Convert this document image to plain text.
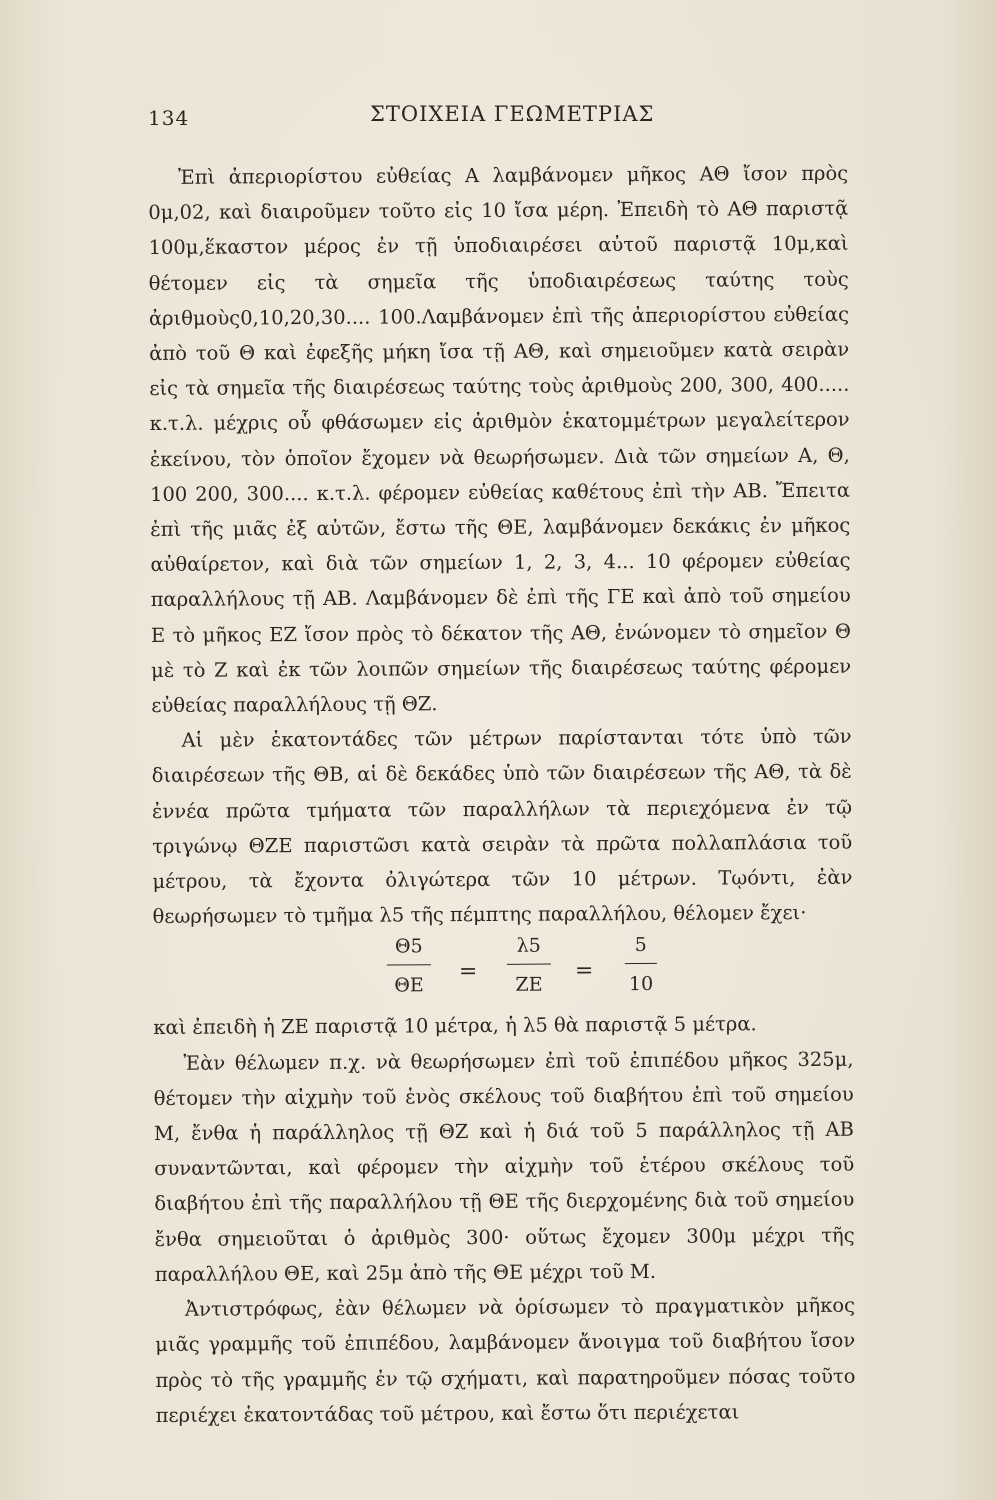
134	ΣΤΟΙΧΕΙΑ ΓΕΩΜΕΤΡΙΑΣ

Ἐπὶ ἀπεριορίστου εὐθείας Α λαμβάνομεν μῆκος ΑΘ ἴσον πρὸς 0μ,02, καὶ διαιροῦμεν τοῦτο εἰς 10 ἴσα μέρη. Ἐπειδὴ τὸ ΑΘ παριστᾷ 100μ,ἕκαστον μέρος ἐν τῇ ὑποδιαιρέσει αὐτοῦ παριστᾷ 10μ,καὶ θέτομεν εἰς τὰ σημεῖα τῆς ὑποδιαιρέσεως ταύτης τοὺς ἀριθμοὺς0,10,20,30.... 100.Λαμβάνομεν ἐπὶ τῆς ἀπεριορίστου εὐθείας ἀπὸ τοῦ Θ καὶ ἐφεξῆς μήκη ἴσα τῇ ΑΘ, καὶ σημειοῦμεν κατὰ σειρὰν εἰς τὰ σημεῖα τῆς διαιρέσεως ταύτης τοὺς ἀριθμοὺς 200, 300, 400..... κ.τ.λ. μέχρις οὗ φθάσωμεν εἰς ἀριθμὸν ἑκατομμέτρων μεγαλείτερον ἐκείνου, τὸν ὁποῖον ἔχομεν νὰ θεωρήσωμεν. Διὰ τῶν σημείων Α, Θ, 100 200, 300.... κ.τ.λ. φέρομεν εὐθείας καθέτους ἐπὶ τὴν ΑΒ. Ἔπειτα ἐπὶ τῆς μιᾶς ἐξ αὐτῶν, ἔστω τῆς ΘΕ, λαμβάνομεν δεκάκις ἐν μῆκος αὐθαίρετον, καὶ διὰ τῶν σημείων 1, 2, 3, 4... 10 φέρομεν εὐθείας παραλλήλους τῇ ΑΒ. Λαμβάνομεν δὲ ἐπὶ τῆς ΓΕ καὶ ἀπὸ τοῦ σημείου Ε τὸ μῆκος ΕΖ ἴσον πρὸς τὸ δέκατον τῆς ΑΘ, ἑνώνομεν τὸ σημεῖον Θ μὲ τὸ Ζ καὶ ἐκ τῶν λοιπῶν σημείων τῆς διαιρέσεως ταύτης φέρομεν εὐθείας παραλλήλους τῇ ΘΖ.

Αἱ μὲν ἑκατοντάδες τῶν μέτρων παρίστανται τότε ὑπὸ τῶν διαιρέσεων τῆς ΘΒ, αἱ δὲ δεκάδες ὑπὸ τῶν διαιρέσεων τῆς ΑΘ, τὰ δὲ ἐννέα πρῶτα τμήματα τῶν παραλλήλων τὰ περιεχόμενα ἐν τῷ τριγώνῳ ΘΖΕ παριστῶσι κατὰ σειρὰν τὰ πρῶτα πολλαπλάσια τοῦ μέτρου, τὰ ἔχοντα ὀλιγώτερα τῶν 10 μέτρων. Τῳόντι, ἐὰν θεωρήσωμεν τὸ τμῆμα λ5 τῆς πέμπτης παραλλήλου, θέλομεν ἔχει·

Θ5
ΘΕ
=
λ5
ΖΕ
=
5
10

καὶ ἐπειδὴ ἡ ΖΕ παριστᾷ 10 μέτρα, ἡ λ5 θὰ παριστᾷ 5 μέτρα.

Ἐὰν θέλωμεν π.χ. νὰ θεωρήσωμεν ἐπὶ τοῦ ἐπιπέδου μῆκος 325μ, θέτομεν τὴν αἰχμὴν τοῦ ἑνὸς σκέλους τοῦ διαβήτου ἐπὶ τοῦ σημείου Μ, ἔνθα ἡ παράλληλος τῇ ΘΖ καὶ ἡ διά τοῦ 5 παράλληλος τῇ ΑΒ συναντῶνται, καὶ φέρομεν τὴν αἰχμὴν τοῦ ἑτέρου σκέλους τοῦ διαβήτου ἐπὶ τῆς παραλλήλου τῇ ΘΕ τῆς διερχομένης διὰ τοῦ σημείου ἔνθα σημειοῦται ὁ ἀριθμὸς 300· οὕτως ἔχομεν 300μ μέχρι τῆς παραλλήλου ΘΕ, καὶ 25μ ἀπὸ τῆς ΘΕ μέχρι τοῦ Μ.

Ἀντιστρόφως, ἐὰν θέλωμεν νὰ ὁρίσωμεν τὸ πραγματικὸν μῆκος μιᾶς γραμμῆς τοῦ ἐπιπέδου, λαμβάνομεν ἄνοιγμα τοῦ διαβήτου ἴσον πρὸς τὸ τῆς γραμμῆς ἐν τῷ σχήματι, καὶ παρατηροῦμεν πόσας τοῦτο περιέχει ἑκατοντάδας τοῦ μέτρου, καὶ ἔστω ὅτι περιέχεται
